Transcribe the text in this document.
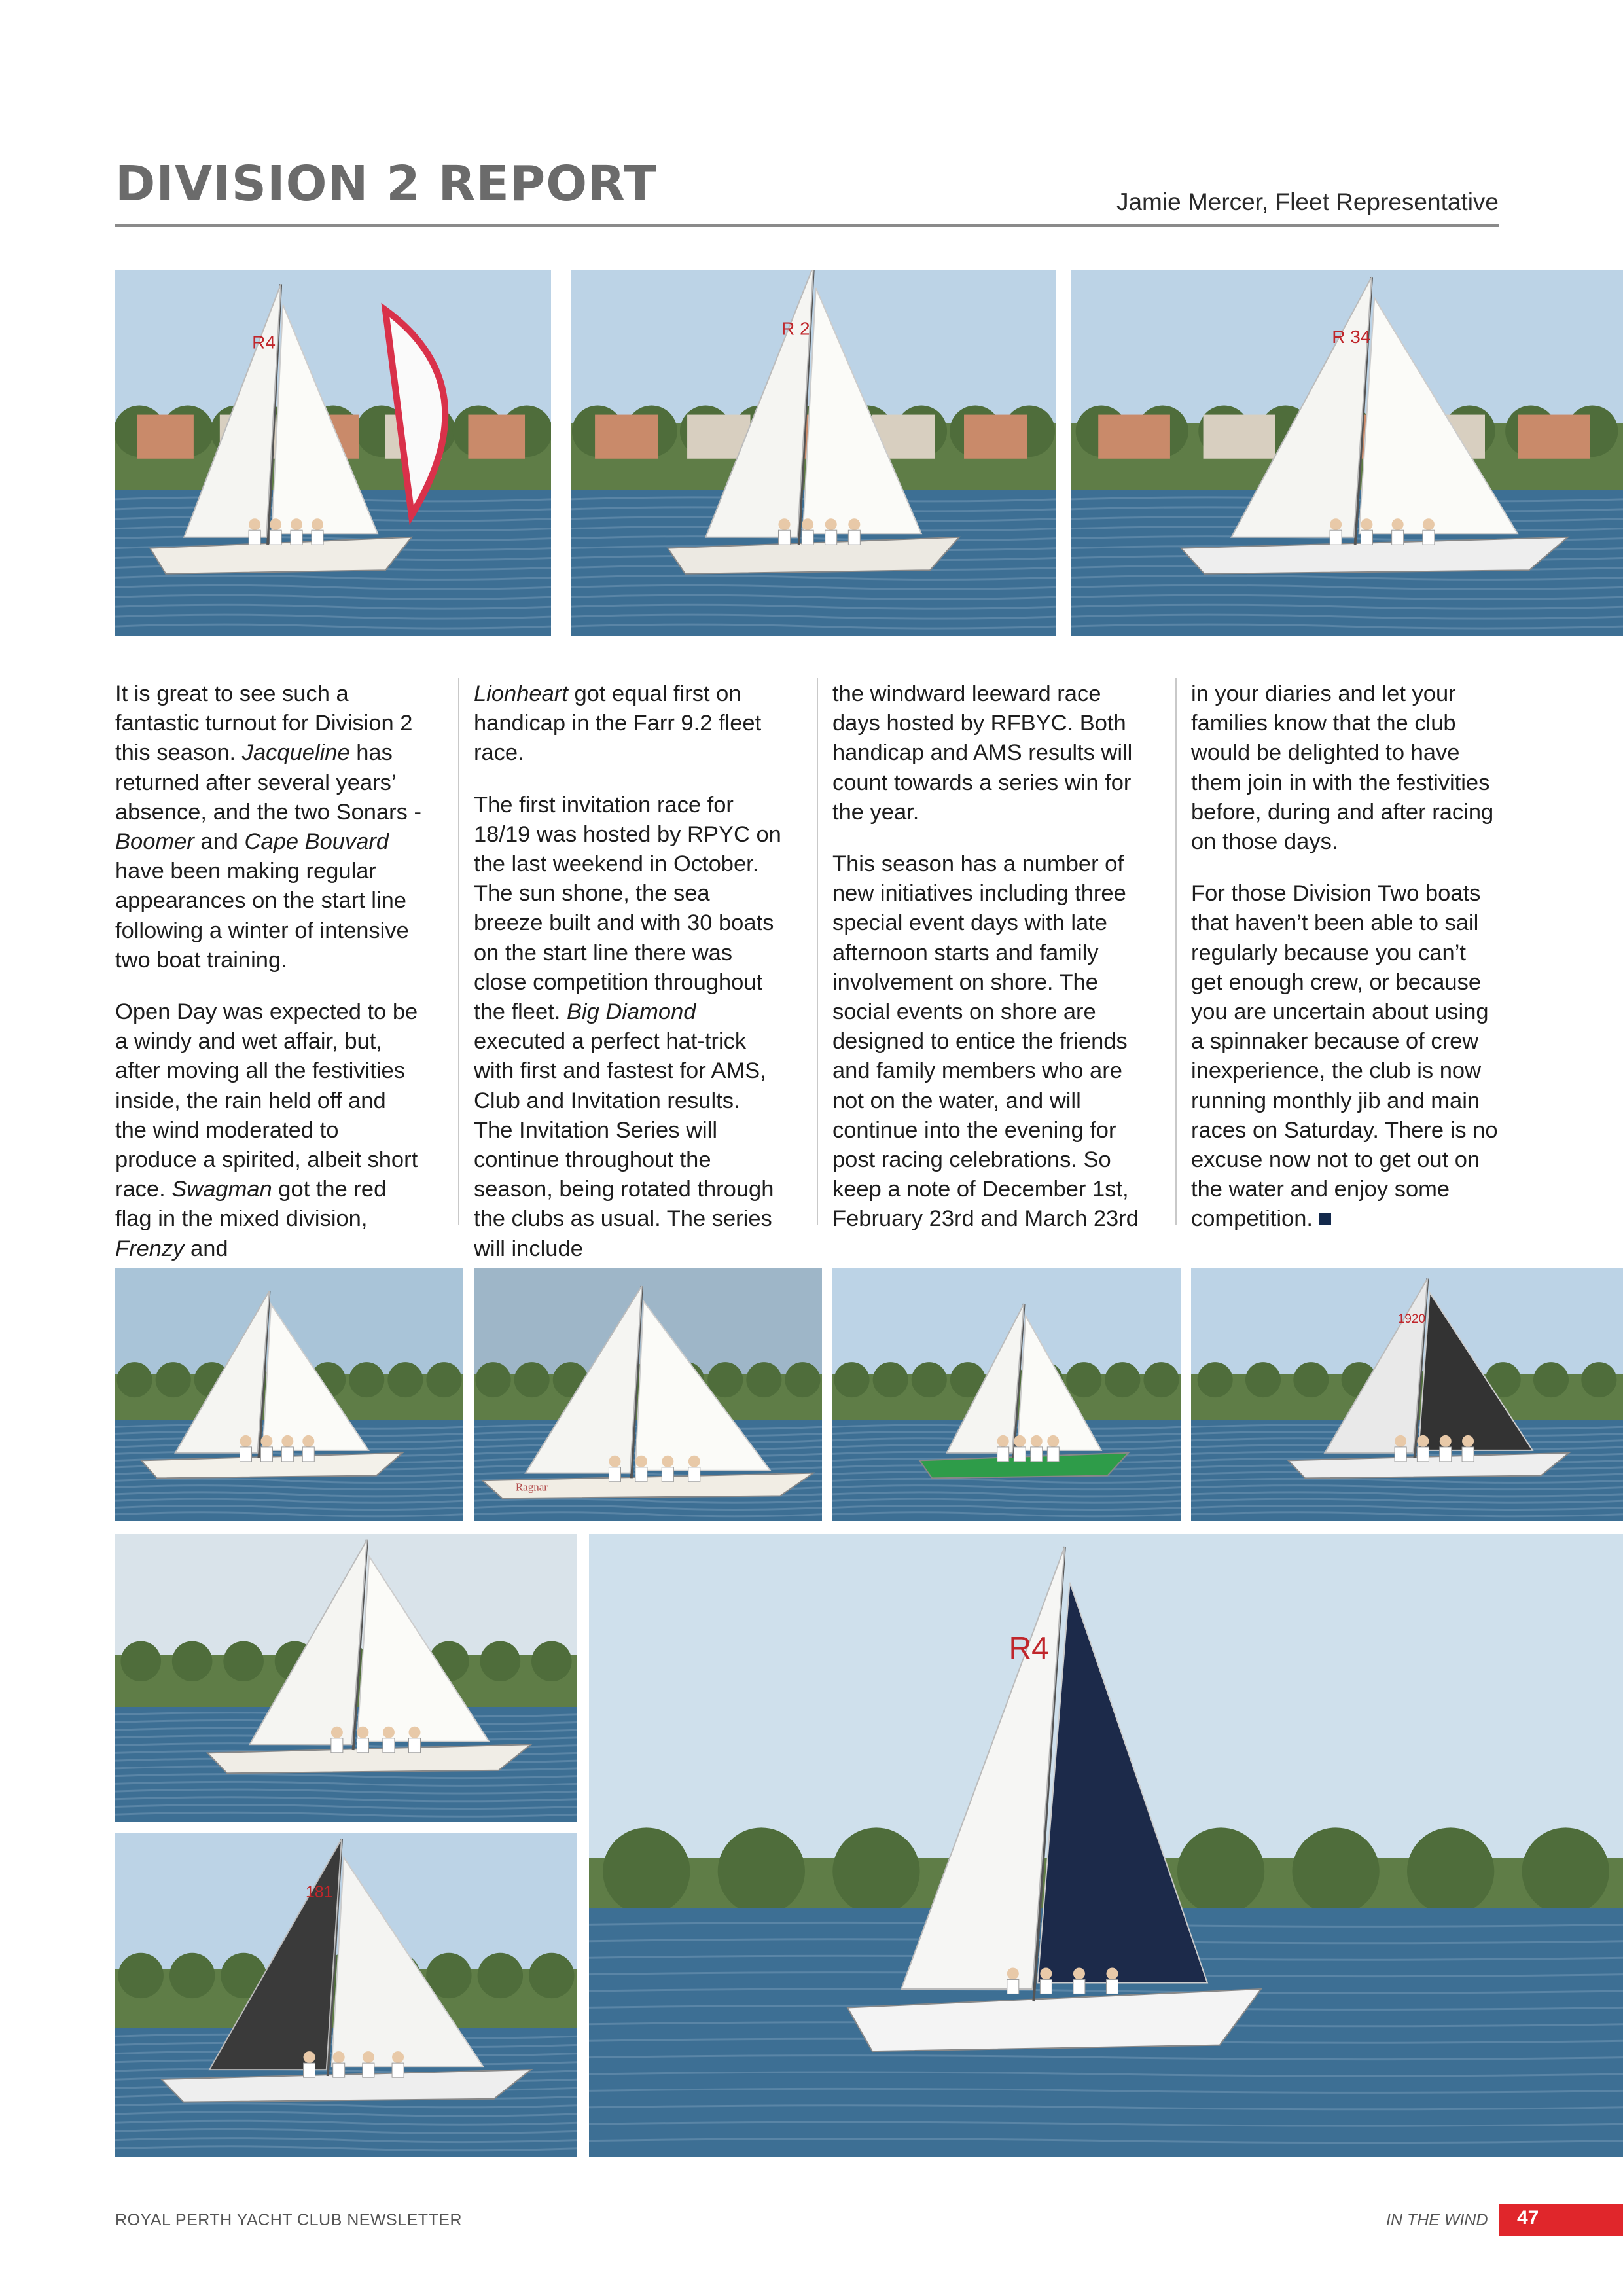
DIVISION 2 REPORT	Jamie Mercer, Fleet Representative
R4
R 2	R 34

It is great to see such a fantastic turnout for Division 2 this season. Jacqueline has returned after several years’ absence, and the two Sonars - Boomer and Cape Bouvard have been making regular appearances on the start line following a winter of intensive two boat training.

Open Day was expected to be a windy and wet affair, but, after moving all the festivities inside, the rain held off and the wind moderated to produce a spirited, albeit short race. Swagman got the red flag in the mixed division, Frenzy and

Lionheart got equal first on handicap in the Farr 9.2 fleet race.

The first invitation race for 18/19 was hosted by RPYC on the last weekend in October. The sun shone, the sea breeze built and with 30 boats on the start line there was close competition throughout the fleet. Big Diamond executed a perfect hat-trick with first and fastest for AMS, Club and Invitation results. The Invitation Series will continue throughout the season, being rotated through the clubs as usual. The series will include

the windward leeward race days hosted by RFBYC. Both handicap and AMS results will count towards a series win for the year.

This season has a number of new initiatives including three special event days with late afternoon starts and family involvement on shore. The social events on shore are designed to entice the friends and family members who are not on the water, and will continue into the evening for post racing celebrations. So keep a note of December 1st, February 23rd and March 23rd

in your diaries and let your families know that the club would be delighted to have them join in with the festivities before, during and after racing on those days.

For those Division Two boats that haven’t been able to sail regularly because you can’t get enough crew, or because you are uncertain about using a spinnaker because of crew inexperience, the club is now running monthly jib and main races on Saturday. There is no excuse now not to get out on the water and enjoy some competition.

Ragnar
1920
181
R4
ROYAL PERTH YACHT CLUB NEWSLETTER	IN THE WIND 47
